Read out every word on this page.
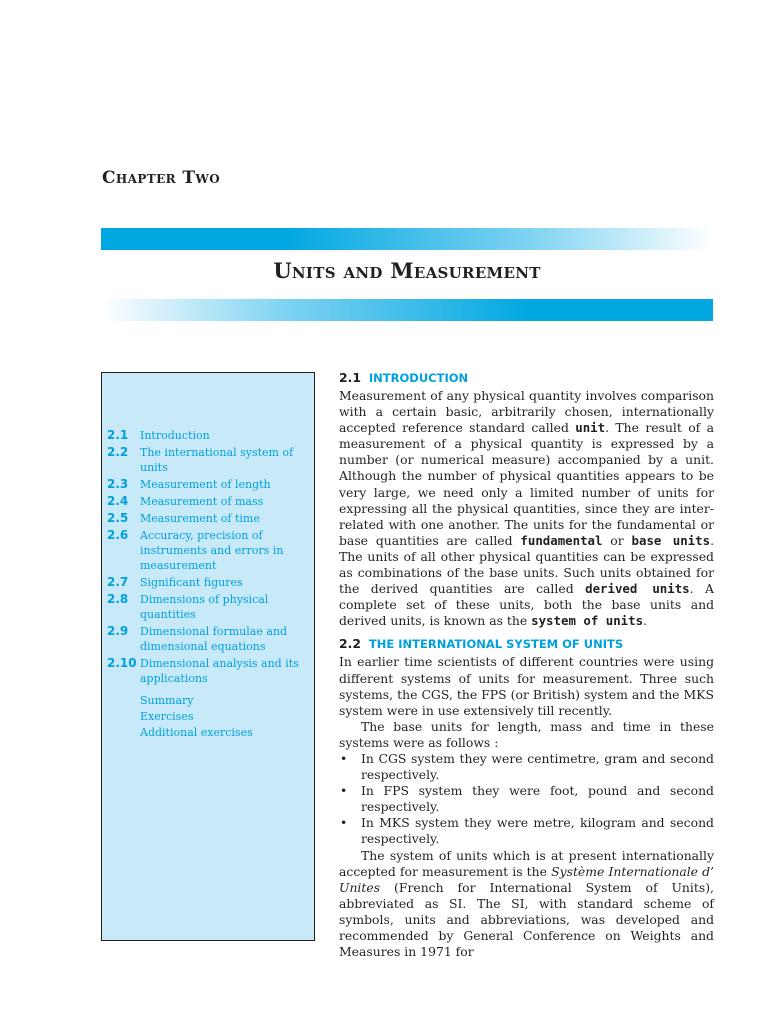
Chapter Two
Units and Measurement
2.1	Introduction
2.2	The international system of units
2.3	Measurement of length
2.4	Measurement of mass
2.5	Measurement of time
2.6	Accuracy, precision of instruments and errors in measurement
2.7	Significant figures
2.8	Dimensions of physical quantities
2.9	Dimensional formulae and dimensional equations
2.10 Dimensional analysis and its applications
Summary
Exercises
Additional exercises

2.1 INTRODUCTION

Measurement of any physical quantity involves comparison with a certain basic, arbitrarily chosen, internationally accepted reference standard called unit. The result of a measurement of a physical quantity is expressed by a number (or numerical measure) accompanied by a unit. Although the number of physical quantities appears to be very large, we need only a limited number of units for expressing all the physical quantities, since they are inter-related with one another. The units for the fundamental or base quantities are called fundamental or base units. The units of all other physical quantities can be expressed as combinations of the base units. Such units obtained for the derived quantities are called derived units. A complete set of these units, both the base units and derived units, is known as the system of units.

2.2 THE INTERNATIONAL SYSTEM OF UNITS

In earlier time scientists of different countries were using different systems of units for measurement. Three such systems, the CGS, the FPS (or British) system and the MKS system were in use extensively till recently.

The base units for length, mass and time in these systems were as follows :

• In CGS system they were centimetre, gram and second respectively.
• In FPS system they were foot, pound and second respectively.
• In MKS system they were metre, kilogram and second respectively.

The system of units which is at present internationally accepted for measurement is the Système Internationale d’ Unites (French for International System of Units), abbreviated as SI. The SI, with standard scheme of symbols, units and abbreviations, was developed and recommended by General Conference on Weights and Measures in 1971 for
